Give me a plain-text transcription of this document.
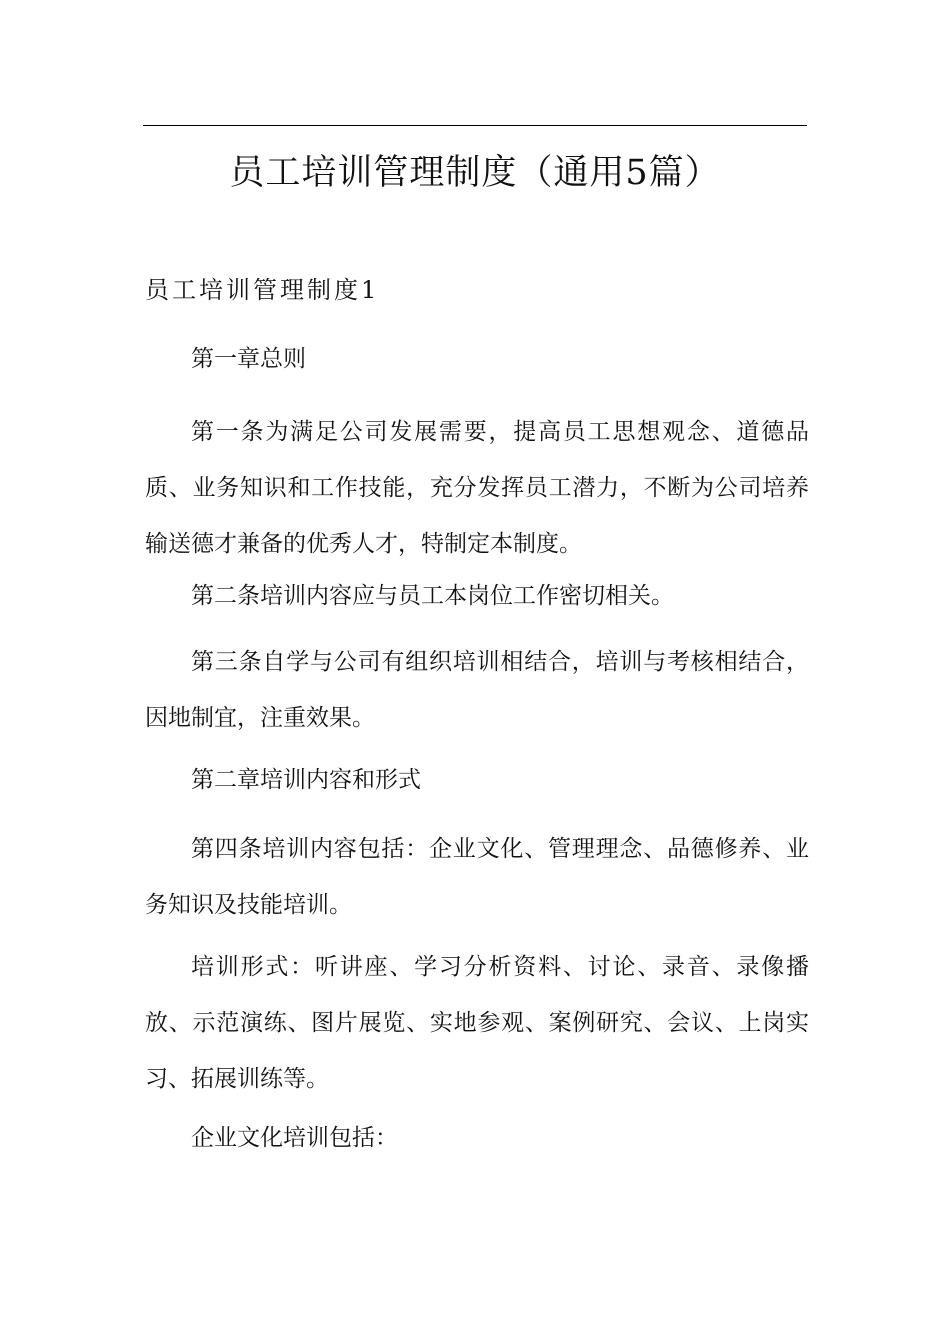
员工培训管理制度（通用5篇）
员工培训管理制度1

第一章总则

第一条为满足公司发展需要，提高员工思想观念、道德品质、业务知识和工作技能，充分发挥员工潜力，不断为公司培养输送德才兼备的优秀人才，特制定本制度。

第二条培训内容应与员工本岗位工作密切相关。

第三条自学与公司有组织培训相结合，培训与考核相结合，因地制宜，注重效果。

第二章培训内容和形式

第四条培训内容包括：企业文化、管理理念、品德修养、业务知识及技能培训。

培训形式：听讲座、学习分析资料、讨论、录音、录像播放、示范演练、图片展览、实地参观、案例研究、会议、上岗实习、拓展训练等。

企业文化培训包括：
